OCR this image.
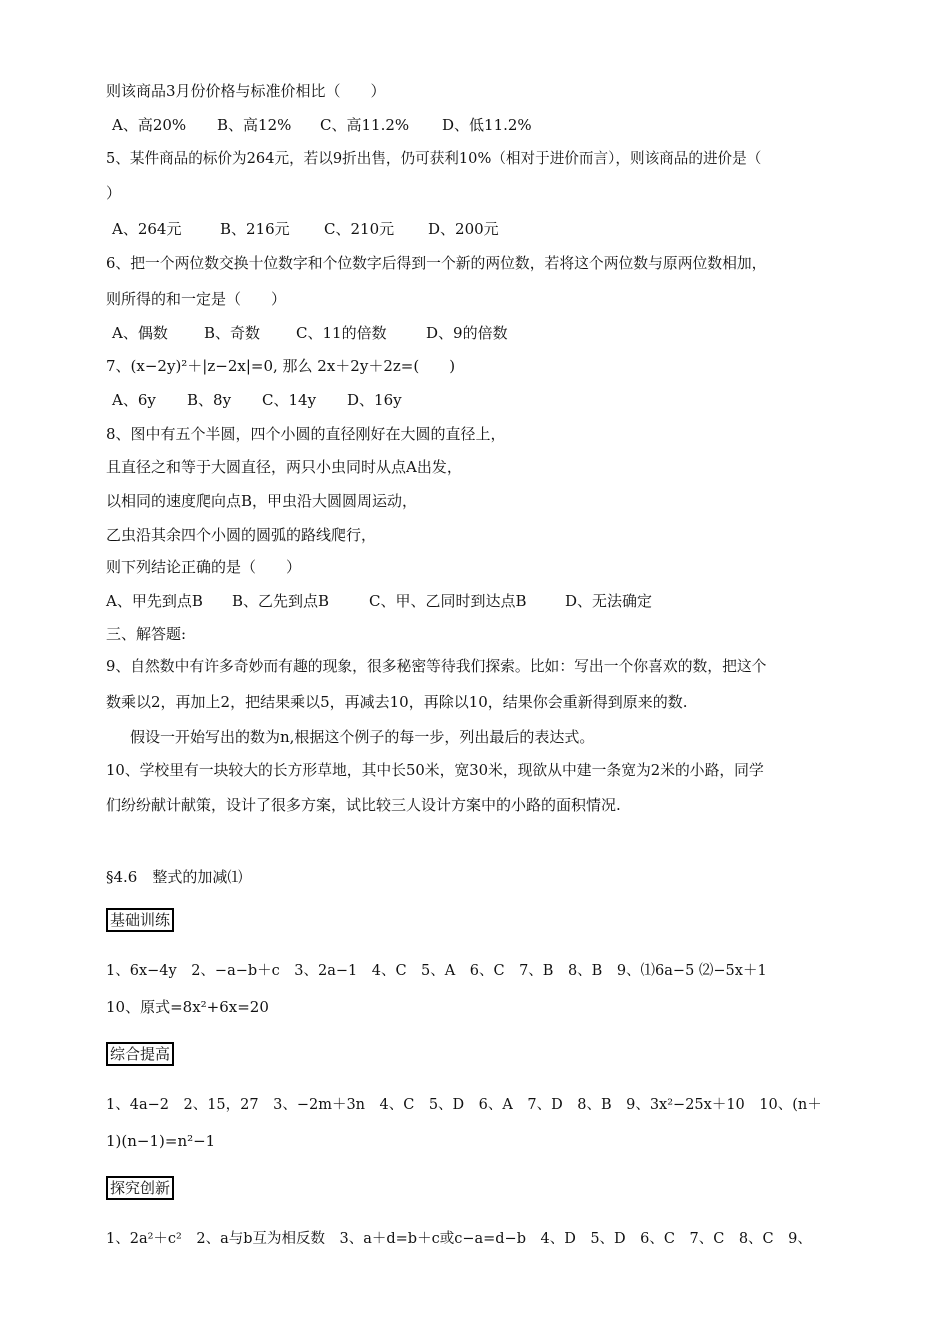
则该商品3月份价格与标准价相比（　　）
A、高20% B、高12% C、高11.2% D、低11.2%
5、某件商品的标价为264元，若以9折出售，仍可获利10%（相对于进价而言），则该商品的进价是（
）
A、264元	B、216元 C、210元 D、200元
6、把一个两位数交换十位数字和个位数字后得到一个新的两位数，若将这个两位数与原两位数相加，
则所得的和一定是（　　）
A、偶数 B、奇数 C、11的倍数	D、9的倍数
7、(x−2y)²＋|z−2x|=0, 那么 2x＋2y＋2z=(　　)
A、6y B、8y C、14y D、16y
8、图中有五个半圆，四个小圆的直径刚好在大圆的直径上，
且直径之和等于大圆直径，两只小虫同时从点A出发，
以相同的速度爬向点B，甲虫沿大圆圆周运动，
乙虫沿其余四个小圆的圆弧的路线爬行，
则下列结论正确的是（　　）
A、甲先到点B B、乙先到点B	C、甲、乙同时到达点B	D、无法确定
三、解答题:
9、自然数中有许多奇妙而有趣的现象，很多秘密等待我们探索。比如：写出一个你喜欢的数，把这个
数乘以2，再加上2，把结果乘以5，再减去10，再除以10，结果你会重新得到原来的数.
假设一开始写出的数为n,根据这个例子的每一步，列出最后的表达式。
10、学校里有一块较大的长方形草地，其中长50米，宽30米，现欲从中建一条宽为2米的小路，同学
们纷纷献计献策，设计了很多方案，试比较三人设计方案中的小路的面积情况.
§4.6　整式的加减⑴
基础训练
1、6x−4y　2、−a−b＋c　3、2a−1　4、C　5、A　6、C　7、B　8、B　9、⑴6a−5 ⑵−5x＋1
10、原式=8x²+6x=20
综合提高
1、4a−2　2、15，27　3、−2m＋3n　4、C　5、D　6、A　7、D　8、B　9、3x²−25x＋10　10、(n＋
1)(n−1)=n²−1
探究创新
1、2a²＋c²　2、a与b互为相反数　3、a＋d=b＋c或c−a=d−b　4、D　5、D　6、C　7、C　8、C　9、
